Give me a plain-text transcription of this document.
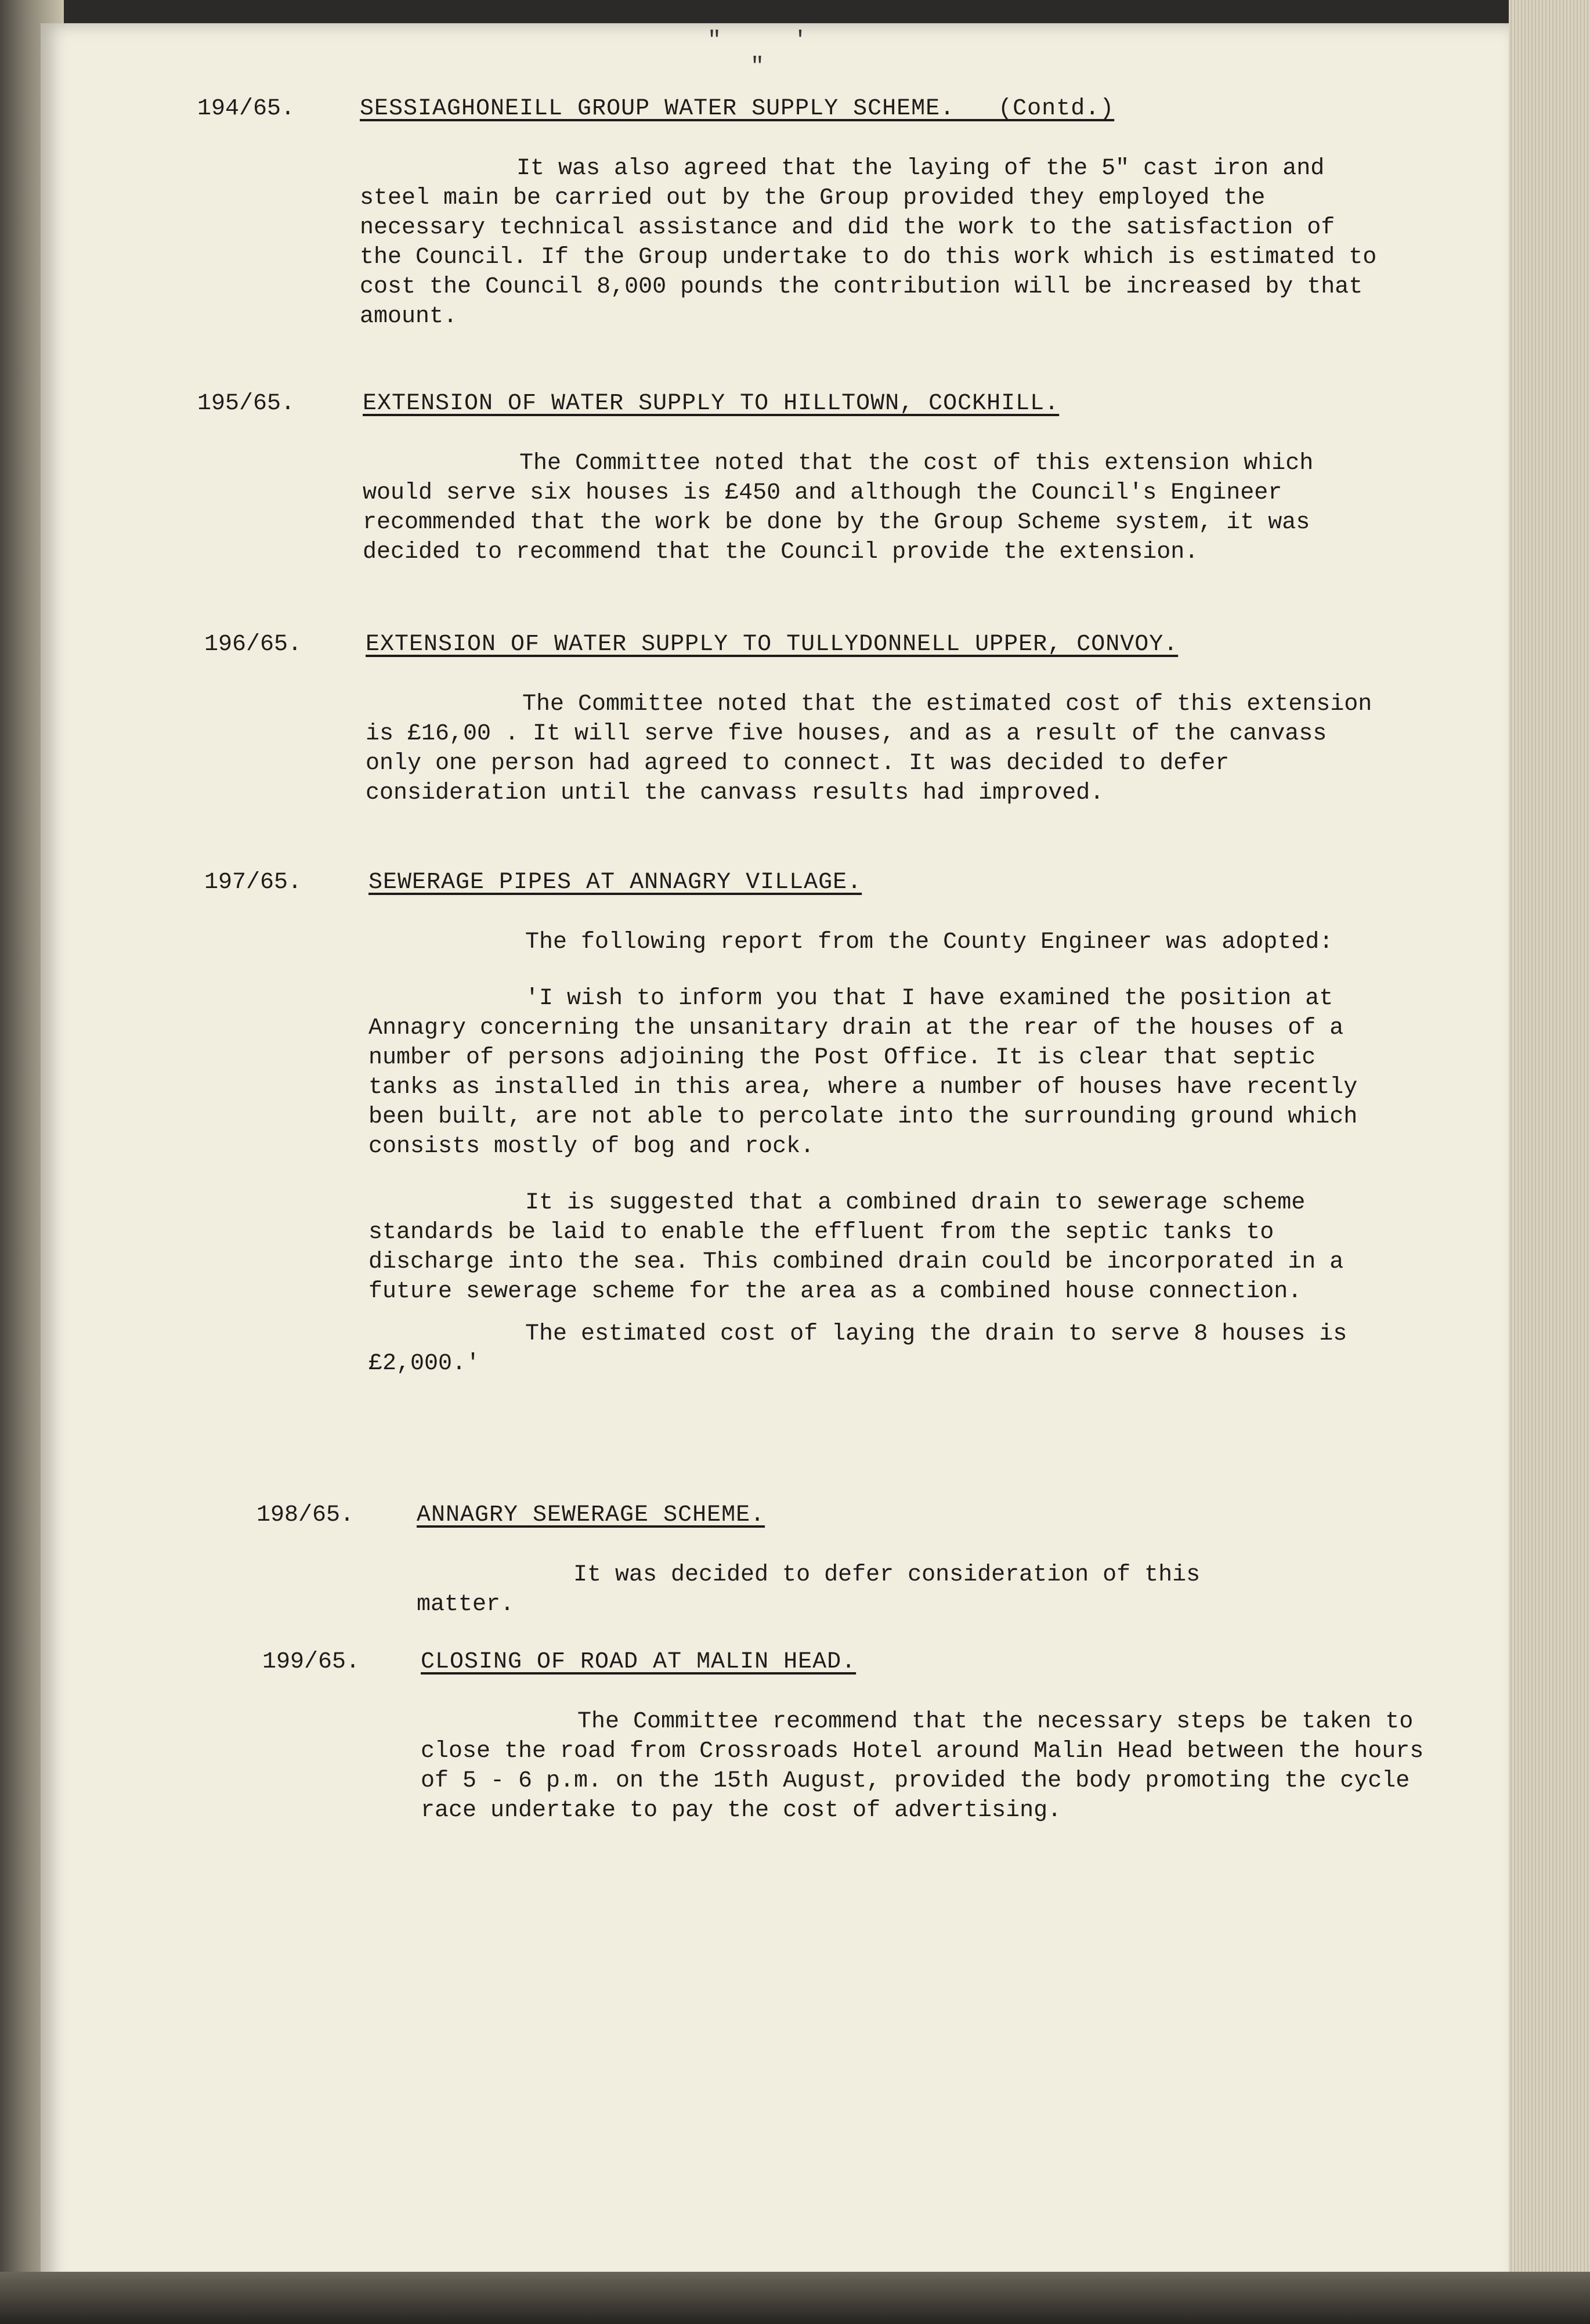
" ' "
194/65.	SESSIAGHONEILL GROUP WATER SUPPLY SCHEME.   (Contd.)
It was also agreed that the laying of the 5" cast iron and steel main be carried out by the Group provided they employed the necessary technical assistance and did the work to the satisfaction of the Council. If the Group undertake to do this work which is estimated to cost the Council 8,000 pounds the contribution will be increased by that amount.
195/65.	EXTENSION OF WATER SUPPLY TO HILLTOWN, COCKHILL.
The Committee noted that the cost of this extension which would serve six houses is £450 and although the Council's Engineer recommended that the work be done by the Group Scheme system, it was decided to recommend that the Council provide the extension.
196/65.	EXTENSION OF WATER SUPPLY TO TULLYDONNELL UPPER, CONVOY.
The Committee noted that the estimated cost of this extension is £16,00 . It will serve five houses, and as a result of the canvass only one person had agreed to connect. It was decided to defer consideration until the canvass results had improved.
197/65.	SEWERAGE PIPES AT ANNAGRY VILLAGE.
The following report from the County Engineer was adopted:
'I wish to inform you that I have examined the position at Annagry concerning the unsanitary drain at the rear of the houses of a number of persons adjoining the Post Office. It is clear that septic tanks as installed in this area, where a number of houses have recently been built, are not able to percolate into the surrounding ground which consists mostly of bog and rock.
It is suggested that a combined drain to sewerage scheme standards be laid to enable the effluent from the septic tanks to discharge into the sea. This combined drain could be incorporated in a future sewerage scheme for the area as a combined house connection.
The estimated cost of laying the drain to serve 8 houses is £2,000.'
198/65.	ANNAGRY SEWERAGE SCHEME.
It was decided to defer consideration of this matter.
199/65.	CLOSING OF ROAD AT MALIN HEAD.
The Committee recommend that the necessary steps be taken to close the road from Crossroads Hotel around Malin Head between the hours of 5 - 6 p.m. on the 15th August, provided the body promoting the cycle race undertake to pay the cost of advertising.
